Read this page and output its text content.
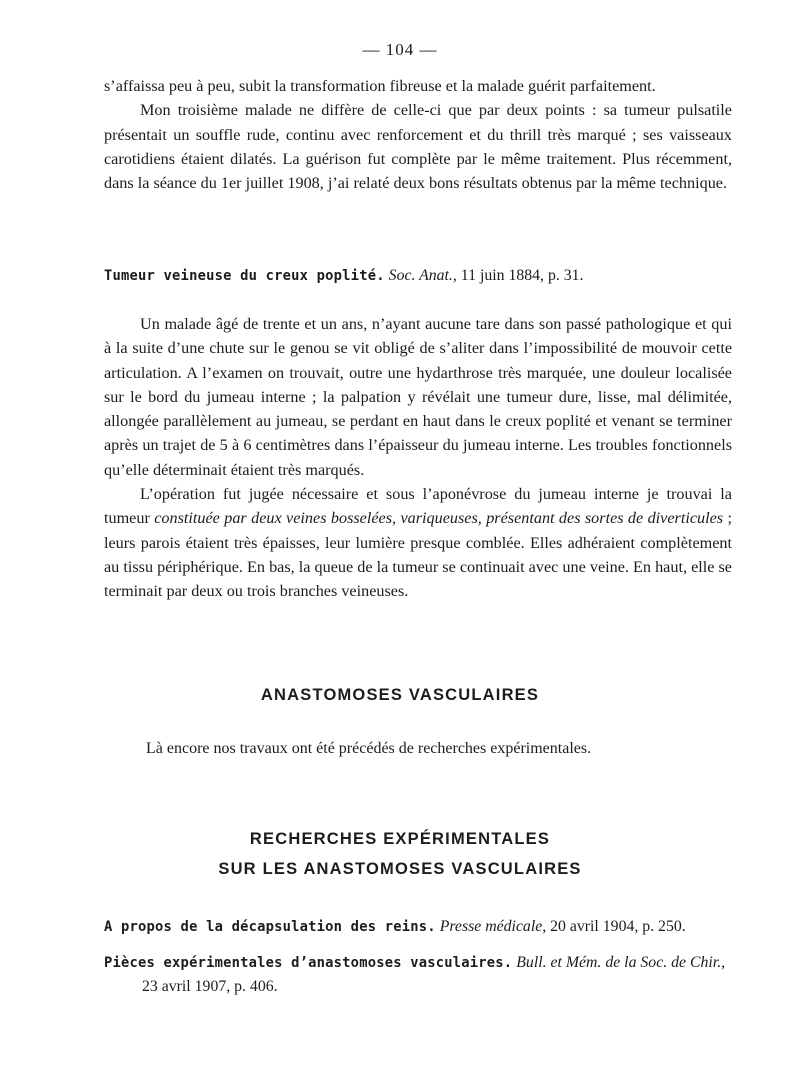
— 104 —

s’affaissa peu à peu, subit la transformation fibreuse et la malade guérit parfaitement.
Mon troisième malade ne diffère de celle-ci que par deux points : sa tumeur pulsatile présentait un souffle rude, continu avec renforcement et du thrill très marqué ; ses vaisseaux carotidiens étaient dilatés. La guérison fut complète par le même traitement. Plus récemment, dans la séance du 1er juillet 1908, j’ai relaté deux bons résultats obtenus par la même technique.

Tumeur veineuse du creux poplité. Soc. Anat., 11 juin 1884, p. 31.

Un malade âgé de trente et un ans, n’ayant aucune tare dans son passé pathologique et qui à la suite d’une chute sur le genou se vit obligé de s’aliter dans l’impossibilité de mouvoir cette articulation. A l’examen on trouvait, outre une hydarthrose très marquée, une douleur localisée sur le bord du jumeau interne ; la palpation y révélait une tumeur dure, lisse, mal délimitée, allongée parallèlement au jumeau, se perdant en haut dans le creux poplité et venant se terminer après un trajet de 5 à 6 centimètres dans l’épaisseur du jumeau interne. Les troubles fonctionnels qu’elle déterminait étaient très marqués.
L’opération fut jugée nécessaire et sous l’aponévrose du jumeau interne je trouvai la tumeur constituée par deux veines bosselées, variqueuses, présentant des sortes de diverticules ; leurs parois étaient très épaisses, leur lumière presque comblée. Elles adhéraient complètement au tissu périphérique. En bas, la queue de la tumeur se continuait avec une veine. En haut, elle se terminait par deux ou trois branches veineuses.

ANASTOMOSES VASCULAIRES

Là encore nos travaux ont été précédés de recherches expérimentales.

RECHERCHES EXPÉRIMENTALES
SUR LES ANASTOMOSES VASCULAIRES

A propos de la décapsulation des reins. Presse médicale, 20 avril 1904, p. 250.

Pièces expérimentales d’anastomoses vasculaires. Bull. et Mém. de la Soc. de Chir.,
23 avril 1907, p. 406.
